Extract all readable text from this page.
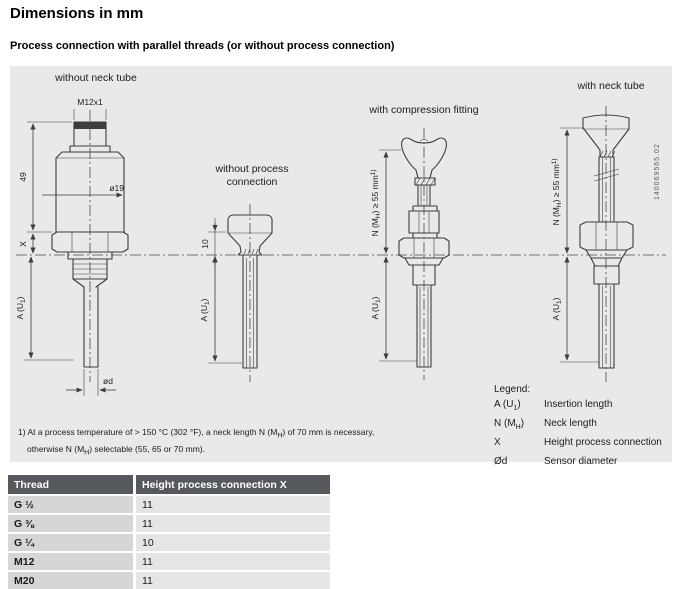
Dimensions in mm
Process connection with parallel threads (or without process connection)
without neck tube
M12x1
49
X
A $(U_1)$
ø19
ød
without process
connection
10
A $(U_1)$
with compression fitting
N $(M_H) \ge 55$ $mm^{1)}$
A $(U_1)$
with neck tube
N $(M_H) \ge 55$ $mm^{1)}$
A $(U_1)$
140069565.02
Legend:
A $(U_1)$	Insertion length
N $(M_H)$	Neck length
X	Height process connection
Ød	Sensor diameter
1) At a process temperature of > 150 °C (302 °F), a neck length N $(M_H)$ of 70 mm is necessary,
otherwise N $(M_H)$ selectable (55, 65 or 70 mm).
Thread	Height process connection X
G ½	11
G ⅜	11
G ¼	10
M12	11
M20	11
